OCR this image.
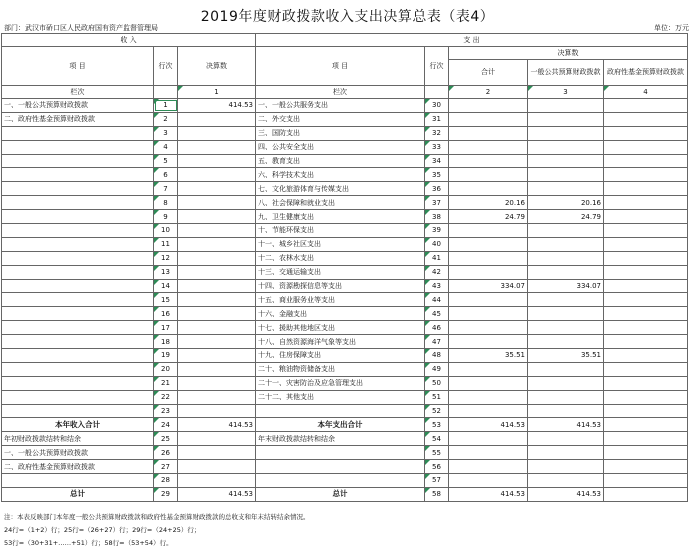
2019年度财政拨款收入支出决算总表（表4）
部门：武汉市硚口区人民政府国有资产监督管理局	单位：万元
收 入			支 出				
项 目	行次	决算数	项 目	行次	决算数		
					合计	一般公共预算财政拨款	政府性基金预算财政拨款
栏次		1	栏次		2	3	4
一、一般公共预算财政拨款	1	414.53	一、一般公共服务支出	30			
二、政府性基金预算财政拨款	2		二、外交支出	31			
	3		三、国防支出	32			
	4		四、公共安全支出	33			
	5		五、教育支出	34			
	6		六、科学技术支出	35			
	7		七、文化旅游体育与传媒支出	36			
	8		八、社会保障和就业支出	37	20.16	20.16	
	9		九、卫生健康支出	38	24.79	24.79	
	10		十、节能环保支出	39			
	11		十一、城乡社区支出	40			
	12		十二、农林水支出	41			
	13		十三、交通运输支出	42			
	14		十四、资源勘探信息等支出	43	334.07	334.07	
	15		十五、商业服务业等支出	44			
	16		十六、金融支出	45			
	17		十七、援助其他地区支出	46			
	18		十八、自然资源海洋气象等支出	47			
	19		十九、住房保障支出	48	35.51	35.51	
	20		二十、粮油物资储备支出	49			
	21		二十一、灾害防治及应急管理支出	50			
	22		二十二、其他支出	51			
	23			52			
本年收入合计	24	414.53	本年支出合计	53	414.53	414.53	
年初财政拨款结转和结余	25		年末财政拨款结转和结余	54			
一、一般公共预算财政拨款	26			55			
二、政府性基金预算财政拨款	27			56			
	28			57			
总计	29	414.53	总计	58	414.53	414.53	
注：本表反映部门本年度一般公共预算财政拨款和政府性基金预算财政拨款的总收支和年末结转结余情况。
24行=（1+2）行；25行=（26+27）行；29行=（24+25）行；
53行=（30+31+……+51）行；58行=（53+54）行。
